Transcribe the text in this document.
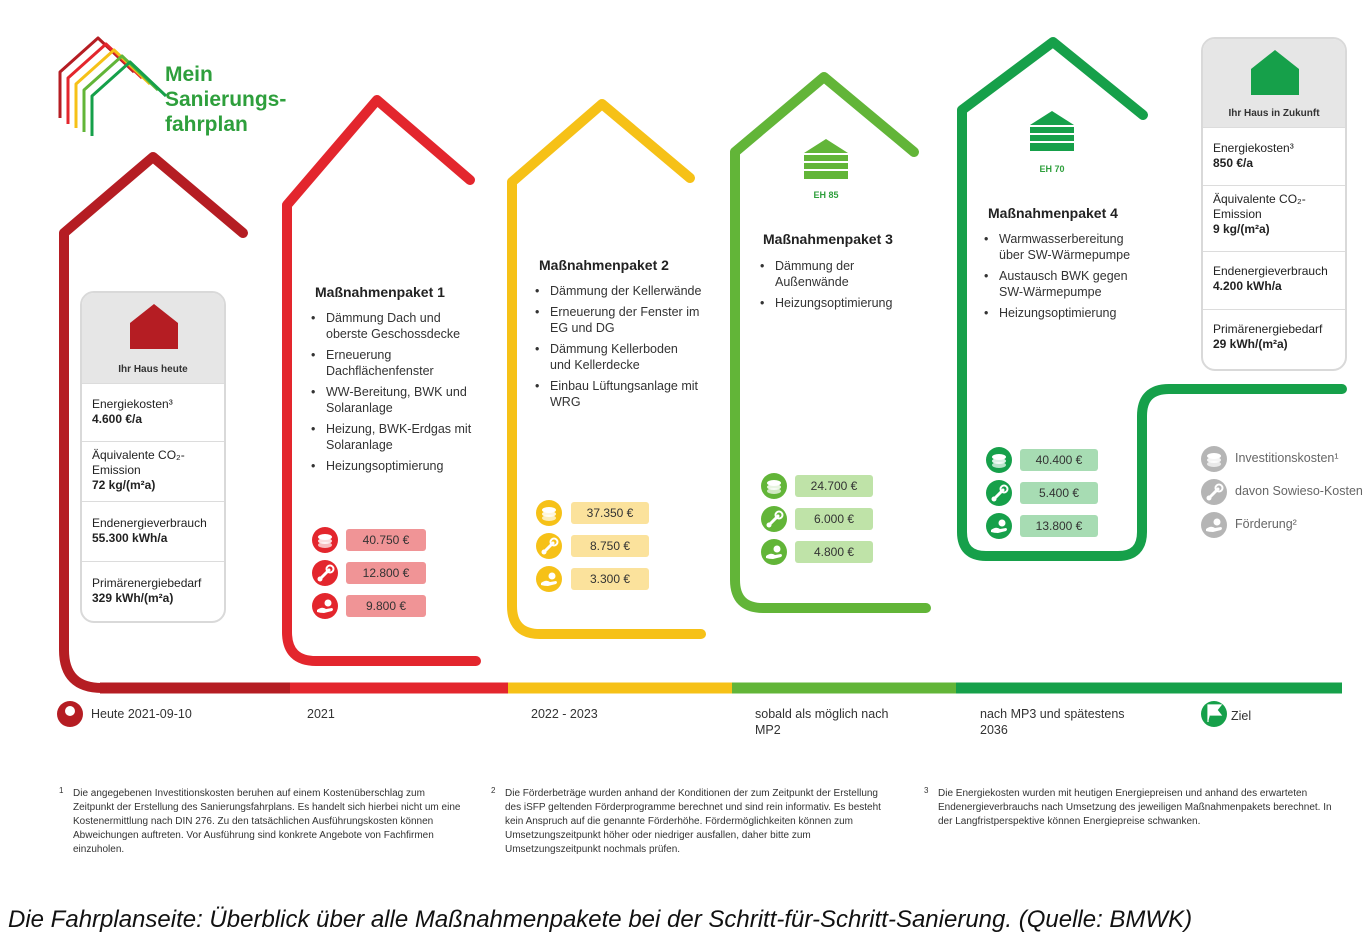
Mein
Sanierungs-
fahrplan
Ihr Haus heute
Energiekosten³
4.600 €/a
Äquivalente CO₂-Emission
72 kg/(m²a)
Endenergieverbrauch
55.300 kWh/a
Primärenergiebedarf
329 kWh/(m²a)
Ihr Haus in Zukunft
Energiekosten³
850 €/a
Äquivalente CO₂-Emission
9 kg/(m²a)
Endenergieverbrauch
4.200 kWh/a
Primärenergiebedarf
29 kWh/(m²a)
EH 85
EH 70
Maßnahmenpaket 1
• Dämmung Dach und oberste Geschossdecke
• Erneuerung Dachflächenfenster
• WW-Bereitung, BWK und Solaranlage
• Heizung, BWK-Erdgas mit Solaranlage
• Heizungsoptimierung
Maßnahmenpaket 2
• Dämmung der Kellerwände
• Erneuerung der Fenster im EG und DG
• Dämmung Kellerboden und Kellerdecke
• Einbau Lüftungsanlage mit WRG
Maßnahmenpaket 3
• Dämmung der Außenwände
• Heizungsoptimierung
Maßnahmenpaket 4
• Warmwasserbereitung über SW-Wärmepumpe
• Austausch BWK gegen SW-Wärmepumpe
• Heizungsoptimierung
40.750 €
12.800 €
9.800 €
37.350 €
8.750 €
3.300 €
24.700 €
6.000 €
4.800 €
40.400 €
5.400 €
13.800 €
Investitionskosten¹
davon Sowieso-Kosten
Förderung²
Heute 2021-09-10	2021	2022 - 2023	sobald als möglich nach MP2
nach MP3 und spätestens 2036
Ziel
1 Die angegebenen Investitionskosten beruhen auf einem Kostenüberschlag zum Zeitpunkt der Erstellung des Sanierungsfahrplans. Es handelt sich hierbei nicht um eine Kostenermittlung nach DIN 276. Zu den tatsächlichen Ausführungskosten können Abweichungen auftreten. Vor Ausführung sind konkrete Angebote von Fachfirmen einzuholen.
2 Die Förderbeträge wurden anhand der Konditionen der zum Zeitpunkt der Erstellung des iSFP geltenden Förderprogramme berechnet und sind rein informativ. Es besteht kein Anspruch auf die genannte Förderhöhe. Fördermöglichkeiten können zum Umsetzungszeitpunkt höher oder niedriger ausfallen, daher bitte zum Umsetzungszeitpunkt nochmals prüfen.
3 Die Energiekosten wurden mit heutigen Energiepreisen und anhand des erwarteten Endenergieverbrauchs nach Umsetzung des jeweiligen Maßnahmenpakets berechnet. In der Langfristperspektive können Energiepreise schwanken.
Die Fahrplanseite: Überblick über alle Maßnahmenpakete bei der Schritt-für-Schritt-Sanierung. (Quelle: BMWK)
